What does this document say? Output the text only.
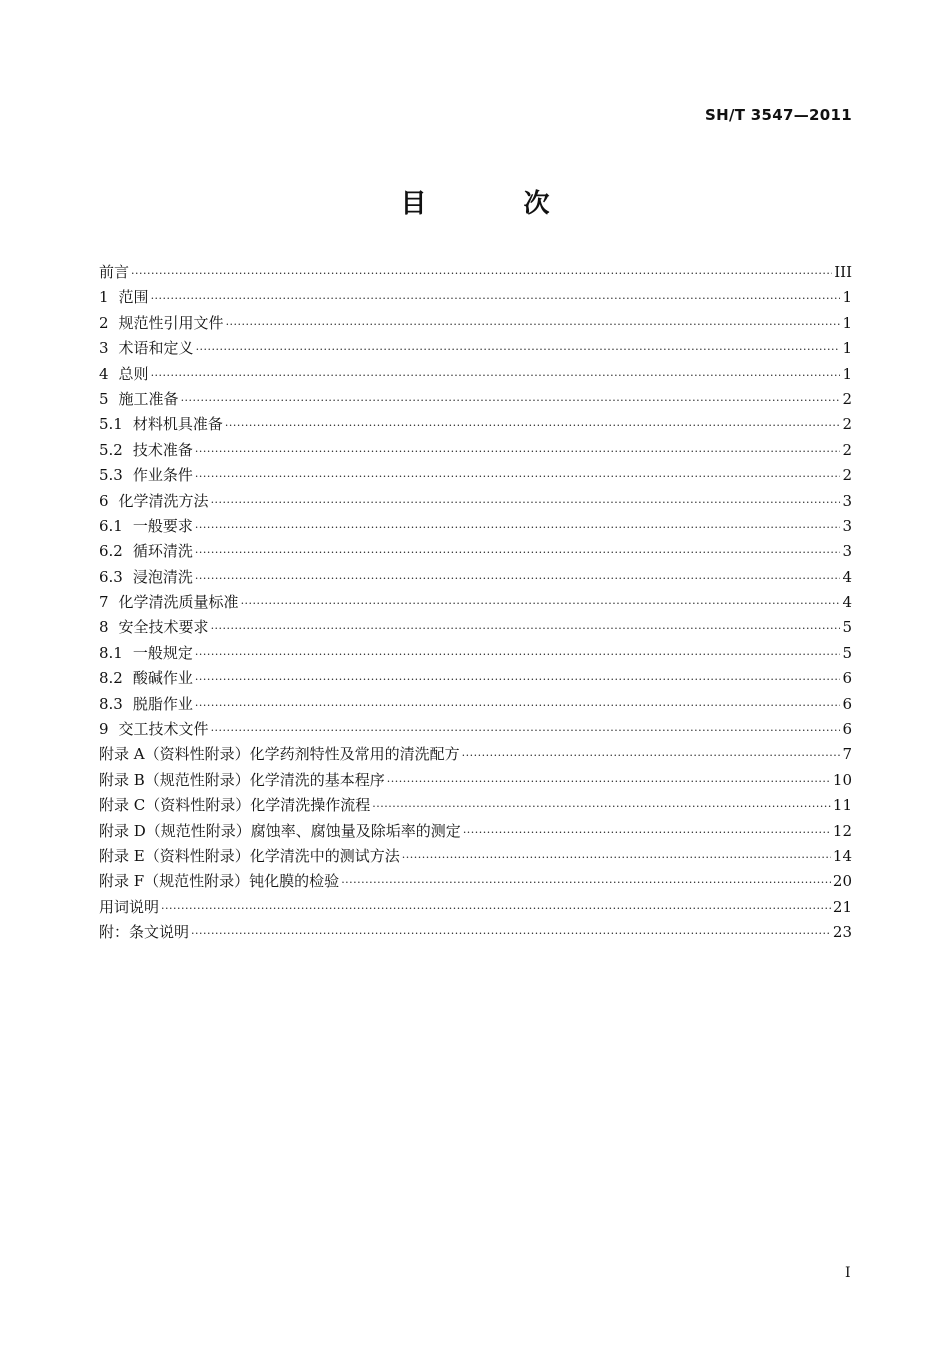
SH/T 3547—2011
目 次
前言 ·····	III
1 范围 ·····	1
2 规范性引用文件 ·····	1
3 术语和定义 ·····	1
4 总则 ·····	1
5 施工准备 ·····	2
5.1 材料机具准备 ·····	2
5.2 技术准备 ·····	2
5.3 作业条件 ·····	2
6 化学清洗方法 ·····	3
6.1 一般要求 ·····	3
6.2 循环清洗 ·····	3
6.3 浸泡清洗 ·····	4
7 化学清洗质量标准 ·····	4
8 安全技术要求 ·····	5
8.1 一般规定 ·····	5
8.2 酸碱作业 ·····	6
8.3 脱脂作业 ·····	6
9 交工技术文件 ·····	6
附录 A（资料性附录）化学药剂特性及常用的清洗配方 ·····	7
附录 B（规范性附录）化学清洗的基本程序 ·····	10
附录 C（资料性附录）化学清洗操作流程 ·····	11
附录 D（规范性附录）腐蚀率、腐蚀量及除垢率的测定 ·····	12
附录 E（资料性附录）化学清洗中的测试方法 ·····	14
附录 F（规范性附录）钝化膜的检验 ·····	20
用词说明 ·····	21
附：条文说明 ·····	23
I
